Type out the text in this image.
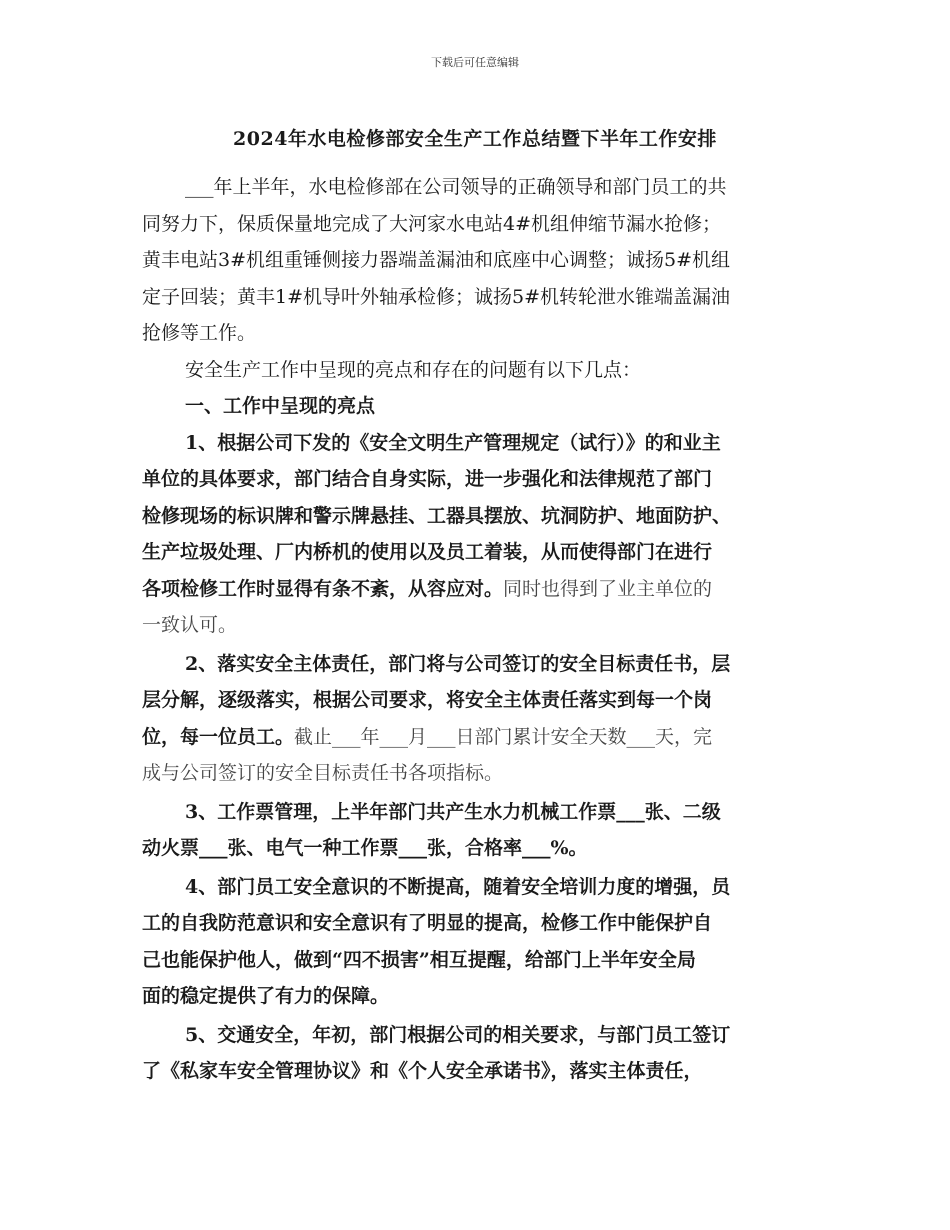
下载后可任意编辑
2024年水电检修部安全生产工作总结暨下半年工作安排
___年上半年，水电检修部在公司领导的正确领导和部门员工的共
同努力下，保质保量地完成了大河家水电站4#机组伸缩节漏水抢修；
黄丰电站3#机组重锤侧接力器端盖漏油和底座中心调整；诚扬5#机组
定子回装；黄丰1#机导叶外轴承检修；诚扬5#机转轮泄水锥端盖漏油
抢修等工作。
安全生产工作中呈现的亮点和存在的问题有以下几点：
一、工作中呈现的亮点
1、根据公司下发的《安全文明生产管理规定（试行）》的和业主
单位的具体要求，部门结合自身实际，进一步强化和法律规范了部门
检修现场的标识牌和警示牌悬挂、工器具摆放、坑洞防护、地面防护、
生产垃圾处理、厂内桥机的使用以及员工着装，从而使得部门在进行
各项检修工作时显得有条不紊，从容应对。同时也得到了业主单位的
一致认可。
2、落实安全主体责任，部门将与公司签订的安全目标责任书，层
层分解，逐级落实，根据公司要求，将安全主体责任落实到每一个岗
位，每一位员工。截止___年___月___日部门累计安全天数___天，完
成与公司签订的安全目标责任书各项指标。
3、工作票管理，上半年部门共产生水力机械工作票___张、二级
动火票___张、电气一种工作票___张，合格率___%。
4、部门员工安全意识的不断提高，随着安全培训力度的增强，员
工的自我防范意识和安全意识有了明显的提高，检修工作中能保护自
己也能保护他人，做到“四不损害”相互提醒，给部门上半年安全局
面的稳定提供了有力的保障。
5、交通安全，年初，部门根据公司的相关要求，与部门员工签订
了《私家车安全管理协议》和《个人安全承诺书》，落实主体责任，
